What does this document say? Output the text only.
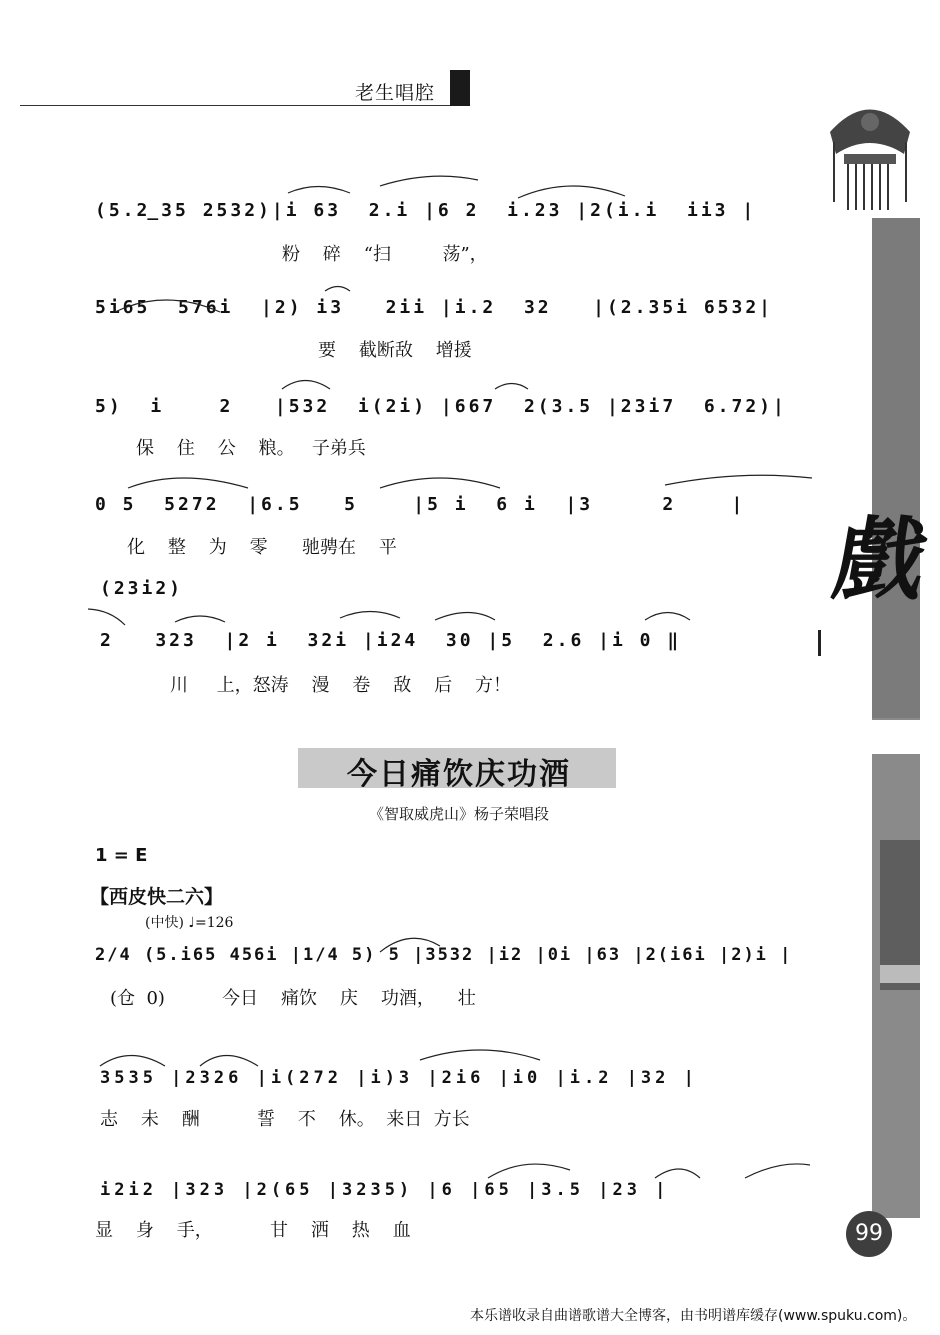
老生唱腔
戲
(5.2̲35 2532)|i 63  2.i |6 2  i.23 |2(i.i  ii3 |
粉    碎    “扫         荡”，
5i65  576i  |2) i3   2ii |i.2  32   |(2.35i 6532|
要    截断敌    增援
5)  i    2   |532  i(2i) |667  2(3.5 |23i7  6.72)|
保    住    公    粮。   子弟兵
0 5  5272  |6.5   5    |5 i  6 i  |3     2    |
化    整    为    零      驰骋在    平
(23i2)
2   323  |2 i  32i |i24  30 |5  2.6 |i 0 ‖
川     上，怒涛    漫    卷    敌    后    方！
今日痛饮庆功酒
《智取威虎山》杨子荣唱段
1 = E
【西皮快二六】
(中快) ♩=126
2/4 (5.i65 456i |1/4 5) 5 |3532 |i2 |0i |63 |2(i6i |2)i |
(仓  0)          今日    痛饮    庆    功酒，    壮
3535 |2326 |i(272 |i)3 |2i6 |i0 |i.2 |32 |
志    未    酬          誓    不    休。  来日  方长
i2i2 |323 |2(65 |3235) |6 |65 |3.5 |23 |
显    身    手，          甘    洒    热    血	99
本乐谱收录自曲谱歌谱大全博客，由书明谱库缓存(www.spuku.com)。
